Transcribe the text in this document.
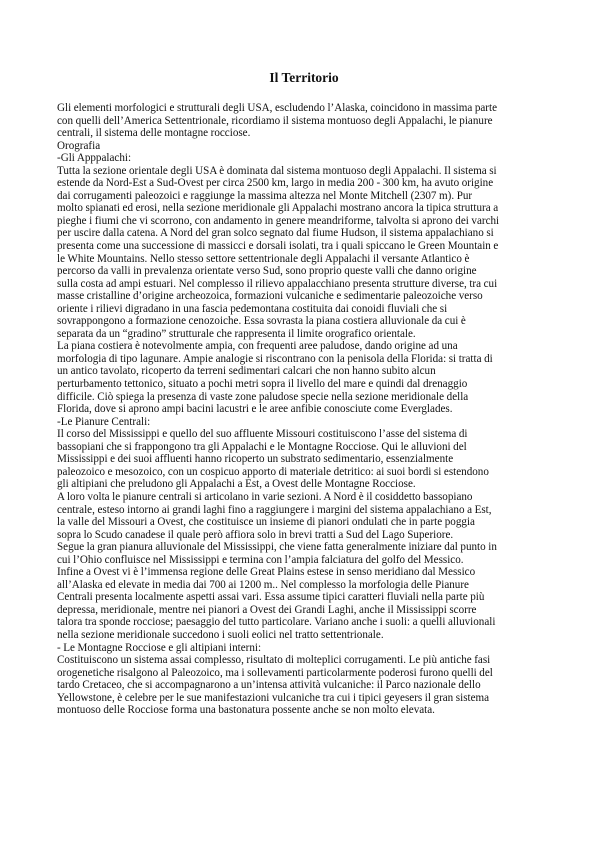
Il Territorio
Gli elementi morfologici e strutturali degli USA, escludendo l’Alaska, coincidono in massima parte
con quelli dell’America Settentrionale, ricordiamo il sistema montuoso degli Appalachi, le pianure
centrali, il sistema delle montagne rocciose.
Orografia
-Gli Apppalachi:
Tutta la sezione orientale degli USA è dominata dal sistema montuoso degli Appalachi. Il sistema si
estende da Nord-Est a Sud-Ovest per circa 2500 km, largo in media 200 - 300 km, ha avuto origine
dai corrugamenti paleozoici e raggiunge la massima altezza nel Monte Mitchell (2307 m). Pur
molto spianati ed erosi, nella sezione meridionale gli Appalachi mostrano ancora la tipica struttura a
pieghe i fiumi che vi scorrono, con andamento in genere meandriforme, talvolta si aprono dei varchi
per uscire dalla catena. A Nord del gran solco segnato dal fiume Hudson, il sistema appalachiano si
presenta come una successione di massicci e dorsali isolati, tra i quali spiccano le Green Mountain e
le White Mountains. Nello stesso settore settentrionale degli Appalachi il versante Atlantico è
percorso da valli in prevalenza orientate verso Sud, sono proprio queste valli che danno origine
sulla costa ad ampi estuari. Nel complesso il rilievo appalacchiano presenta strutture diverse, tra cui
masse cristalline d’origine archeozoica, formazioni vulcaniche e sedimentarie paleozoiche verso
oriente i rilievi digradano in una fascia pedemontana costituita dai conoidi fluviali che si
sovrappongono a formazione cenozoiche. Essa sovrasta la piana costiera alluvionale da cui è
separata da un “gradino” strutturale che rappresenta il limite orografico orientale.
La piana costiera è notevolmente ampia, con frequenti aree paludose, dando origine ad una
morfologia di tipo lagunare. Ampie analogie si riscontrano con la penisola della Florida: si tratta di
un antico tavolato, ricoperto da terreni sedimentari calcari che non hanno subito alcun
perturbamento tettonico, situato a pochi metri sopra il livello del mare e quindi dal drenaggio
difficile. Ciò spiega la presenza di vaste zone paludose specie nella sezione meridionale della
Florida, dove si aprono ampi bacini lacustri e le aree anfibie conosciute come Everglades.
-Le Pianure Centrali:
Il corso del Mississippi e quello del suo affluente Missouri costituiscono l’asse del sistema di
bassopiani che si frappongono tra gli Appalachi e le Montagne Rocciose. Qui le alluvioni del
Mississippi e dei suoi affluenti hanno ricoperto un substrato sedimentario, essenzialmente
paleozoico e mesozoico, con un cospicuo apporto di materiale detritico: ai suoi bordi si estendono
gli altipiani che preludono gli Appalachi a Est, a Ovest delle Montagne Rocciose.
A loro volta le pianure centrali si articolano in varie sezioni. A Nord è il cosiddetto bassopiano
centrale, esteso intorno ai grandi laghi fino a raggiungere i margini del sistema appalachiano a Est,
la valle del Missouri a Ovest, che costituisce un insieme di pianori ondulati che in parte poggia
sopra lo Scudo canadese il quale però affiora solo in brevi tratti a Sud del Lago Superiore.
Segue la gran pianura alluvionale del Mississippi, che viene fatta generalmente iniziare dal punto in
cui l’Ohio confluisce nel Mississippi e termina con l’ampia falciatura del golfo del Messico.
Infine a Ovest vi è l’immensa regione delle Great Plains estese in senso meridiano dal Messico
all’Alaska ed elevate in media dai 700 ai 1200 m.. Nel complesso la morfologia delle Pianure
Centrali presenta localmente aspetti assai vari. Essa assume tipici caratteri fluviali nella parte più
depressa, meridionale, mentre nei pianori a Ovest dei Grandi Laghi, anche il Mississippi scorre
talora tra sponde rocciose; paesaggio del tutto particolare. Variano anche i suoli: a quelli alluvionali
nella sezione meridionale succedono i suoli eolici nel tratto settentrionale.
- Le Montagne Rocciose e gli altipiani interni:
Costituiscono un sistema assai complesso, risultato di molteplici corrugamenti. Le più antiche fasi
orogenetiche risalgono al Paleozoico, ma i sollevamenti particolarmente poderosi furono quelli del
tardo Cretaceo, che si accompagnarono a un’intensa attività vulcaniche: il Parco nazionale dello
Yellowstone, è celebre per le sue manifestazioni vulcaniche tra cui i tipici geyesers il gran sistema
montuoso delle Rocciose forma una bastonatura possente anche se non molto elevata.
